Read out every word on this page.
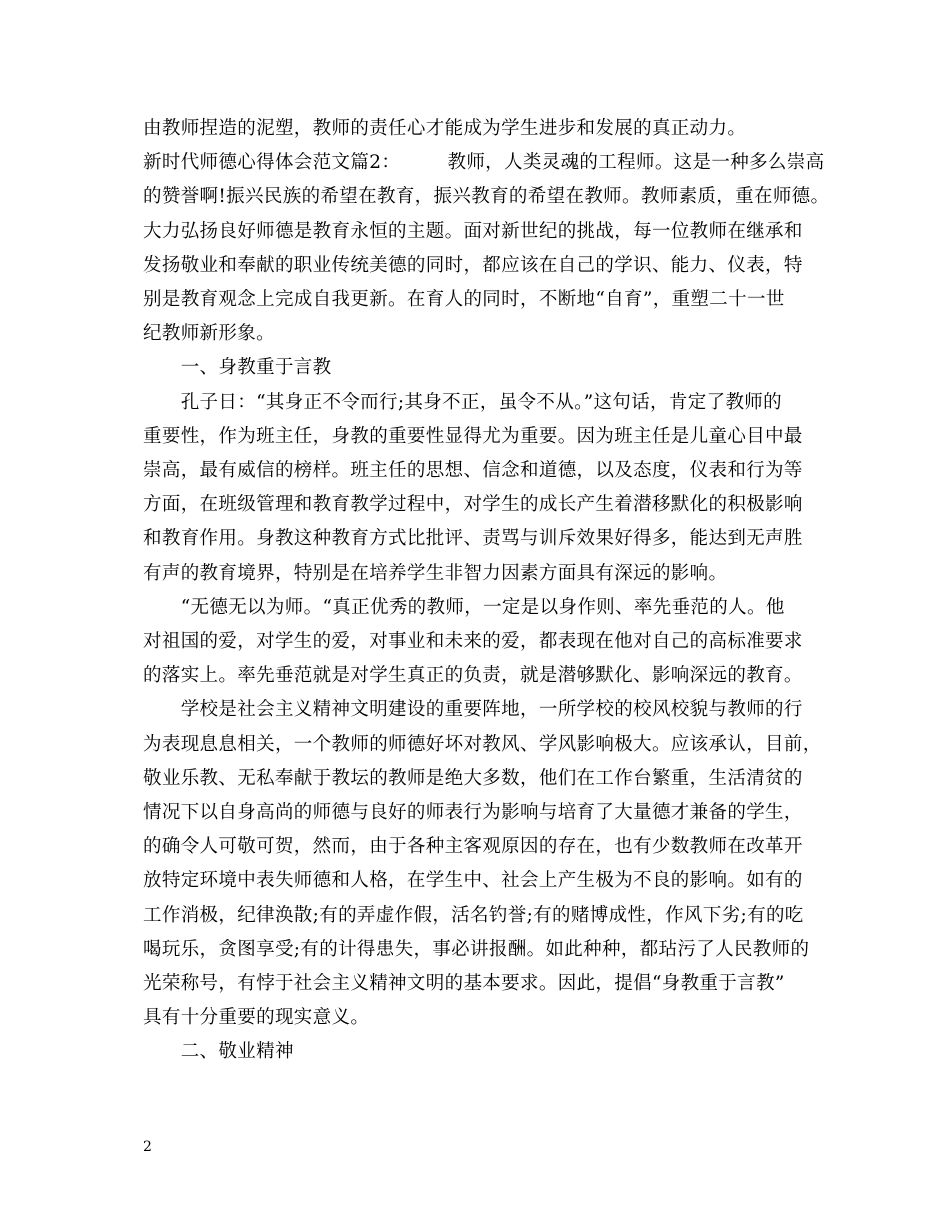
由教师捏造的泥塑，教师的责任心才能成为学生进步和发展的真正动力。
新时代师德心得体会范文篇2：　　　教师，人类灵魂的工程师。这是一种多么崇高
的赞誉啊!振兴民族的希望在教育，振兴教育的希望在教师。教师素质，重在师德。
大力弘扬良好师德是教育永恒的主题。面对新世纪的挑战，每一位教师在继承和
发扬敬业和奉献的职业传统美德的同时，都应该在自己的学识、能力、仪表，特
别是教育观念上完成自我更新。在育人的同时，不断地“自育”，重塑二十一世
纪教师新形象。
　　一、身教重于言教
　　孔子日：“其身正不令而行;其身不正，虽令不从。”这句话，肯定了教师的
重要性，作为班主任，身教的重要性显得尤为重要。因为班主任是儿童心目中最
崇高，最有威信的榜样。班主任的思想、信念和道德，以及态度，仪表和行为等
方面，在班级管理和教育教学过程中，对学生的成长产生着潜移默化的积极影响
和教育作用。身教这种教育方式比批评、责骂与训斥效果好得多，能达到无声胜
有声的教育境界，特别是在培养学生非智力因素方面具有深远的影响。
　　“无德无以为师。“真正优秀的教师，一定是以身作则、率先垂范的人。他
对祖国的爱，对学生的爱，对事业和未来的爱，都表现在他对自己的高标准要求
的落实上。率先垂范就是对学生真正的负责，就是潜够默化、影响深远的教育。
　　学校是社会主义精神文明建设的重要阵地，一所学校的校风校貌与教师的行
为表现息息相关，一个教师的师德好坏对教风、学风影响极大。应该承认，目前，
敬业乐教、无私奉献于教坛的教师是绝大多数，他们在工作台繁重，生活清贫的
情况下以自身高尚的师德与良好的师表行为影响与培育了大量德才兼备的学生，
的确令人可敬可贺，然而，由于各种主客观原因的存在，也有少数教师在改革开
放特定环境中表失师德和人格，在学生中、社会上产生极为不良的影响。如有的
工作消极，纪律涣散;有的弄虚作假，活名钓誉;有的赌博成性，作风下劣;有的吃
喝玩乐，贪图享受;有的计得患失，事必讲报酬。如此种种，都玷污了人民教师的
光荣称号，有悖于社会主义精神文明的基本要求。因此，提倡“身教重于言教”
具有十分重要的现实意义。
　　二、敬业精神
2
